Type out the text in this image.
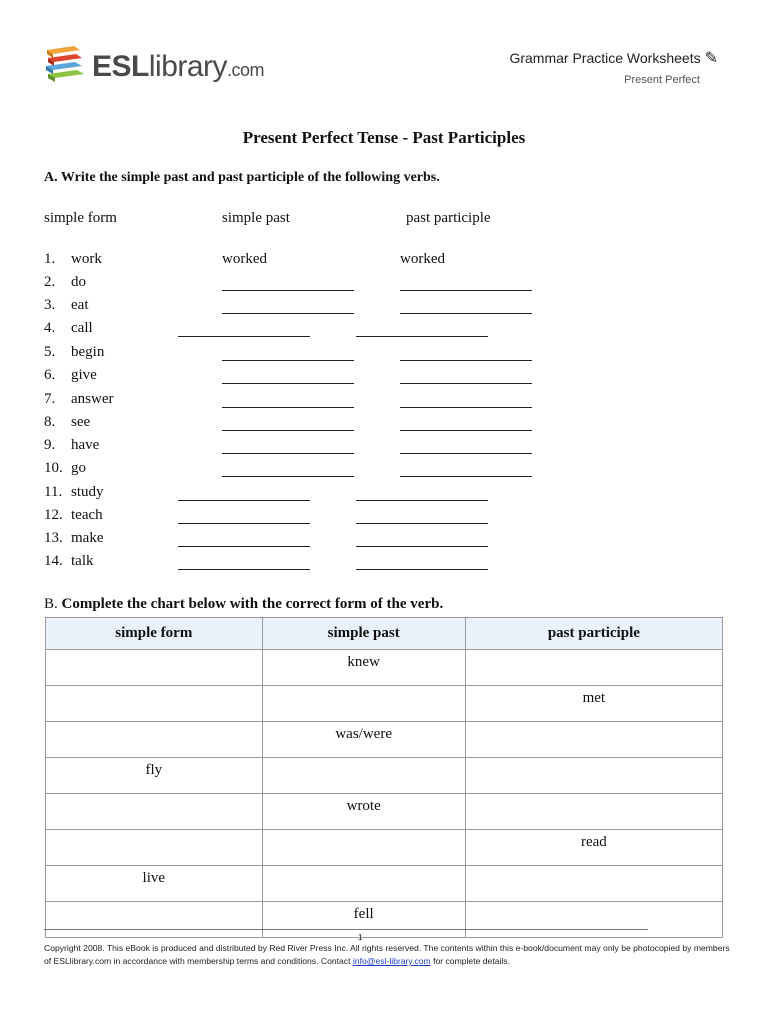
ESLlibrary.com
Grammar Practice Worksheets ✎
Present Perfect
Present Perfect Tense - Past Participles
A. Write the simple past and past participle of the following verbs.
simple form	simple past	past participle
1. work	worked	worked
2. do
3. eat
4. call
5. begin
6. give
7. answer
8. see
9. have
10. go
11. study
12. teach
13. make
14. talk
B. Complete the chart below with the correct form of the verb.
simple form	simple past	past participle
	knew	
		met
	was/were	
fly		
	wrote	
		read
live		
	fell	
1
Copyright 2008. This eBook is produced and distributed by Red River Press Inc. All rights reserved. The contents within this e-book/document may only be photocopied by members of ESLlibrary.com in accordance with membership terms and conditions. Contact info@esl-library.com for complete details.
